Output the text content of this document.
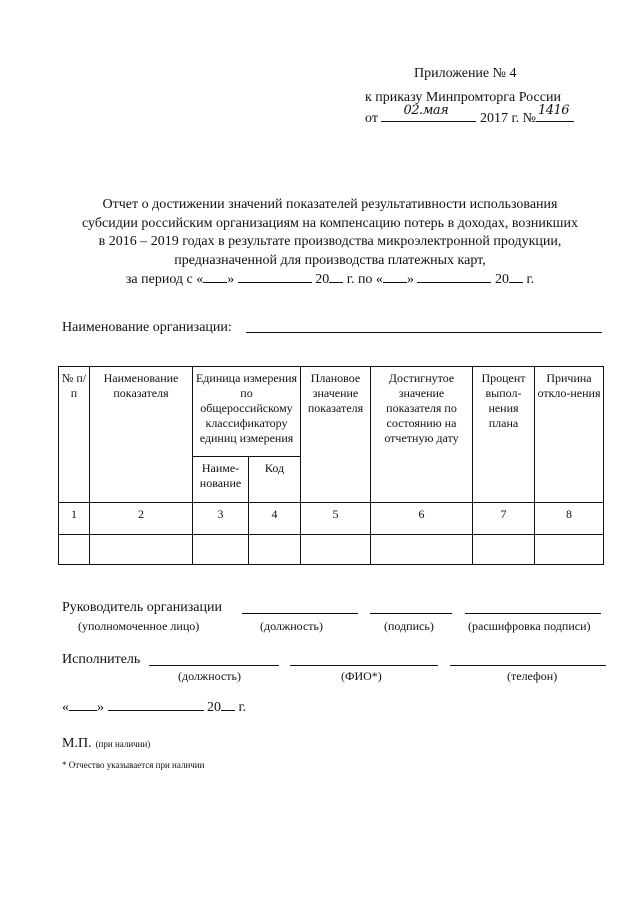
Приложение № 4
к приказу Минпромторга России
от
02.мая
2017 г. №
1416
Отчет о достижении значений показателей результативности использования
субсидии российским организациям на компенсацию потерь в доходах, возникших
в 2016 – 2019 годах в результате производства микроэлектронной продукции,
предназначенной для производства платежных карт,
за период с « »	20 г. по « »	20 г.
Наименование организации:
№ п/п	Наименование показателя	Единица измерения по общероссийскому классификатору единиц измерения		Плановое значение показателя	Достигнутое значение показателя по состоянию на отчетную дату	Процент выпол-нения плана	Причина откло-нения
		Наиме-нование	Код				
1	2	3	4	5	6	7	8

Руководитель организации
(уполномоченное лицо)	(должность)	(подпись)	(расшифровка подписи)
Исполнитель
(должность)	(ФИО*)	(телефон)
« »	20 г.
М.П. (при наличии)
* Отчество указывается при наличии
